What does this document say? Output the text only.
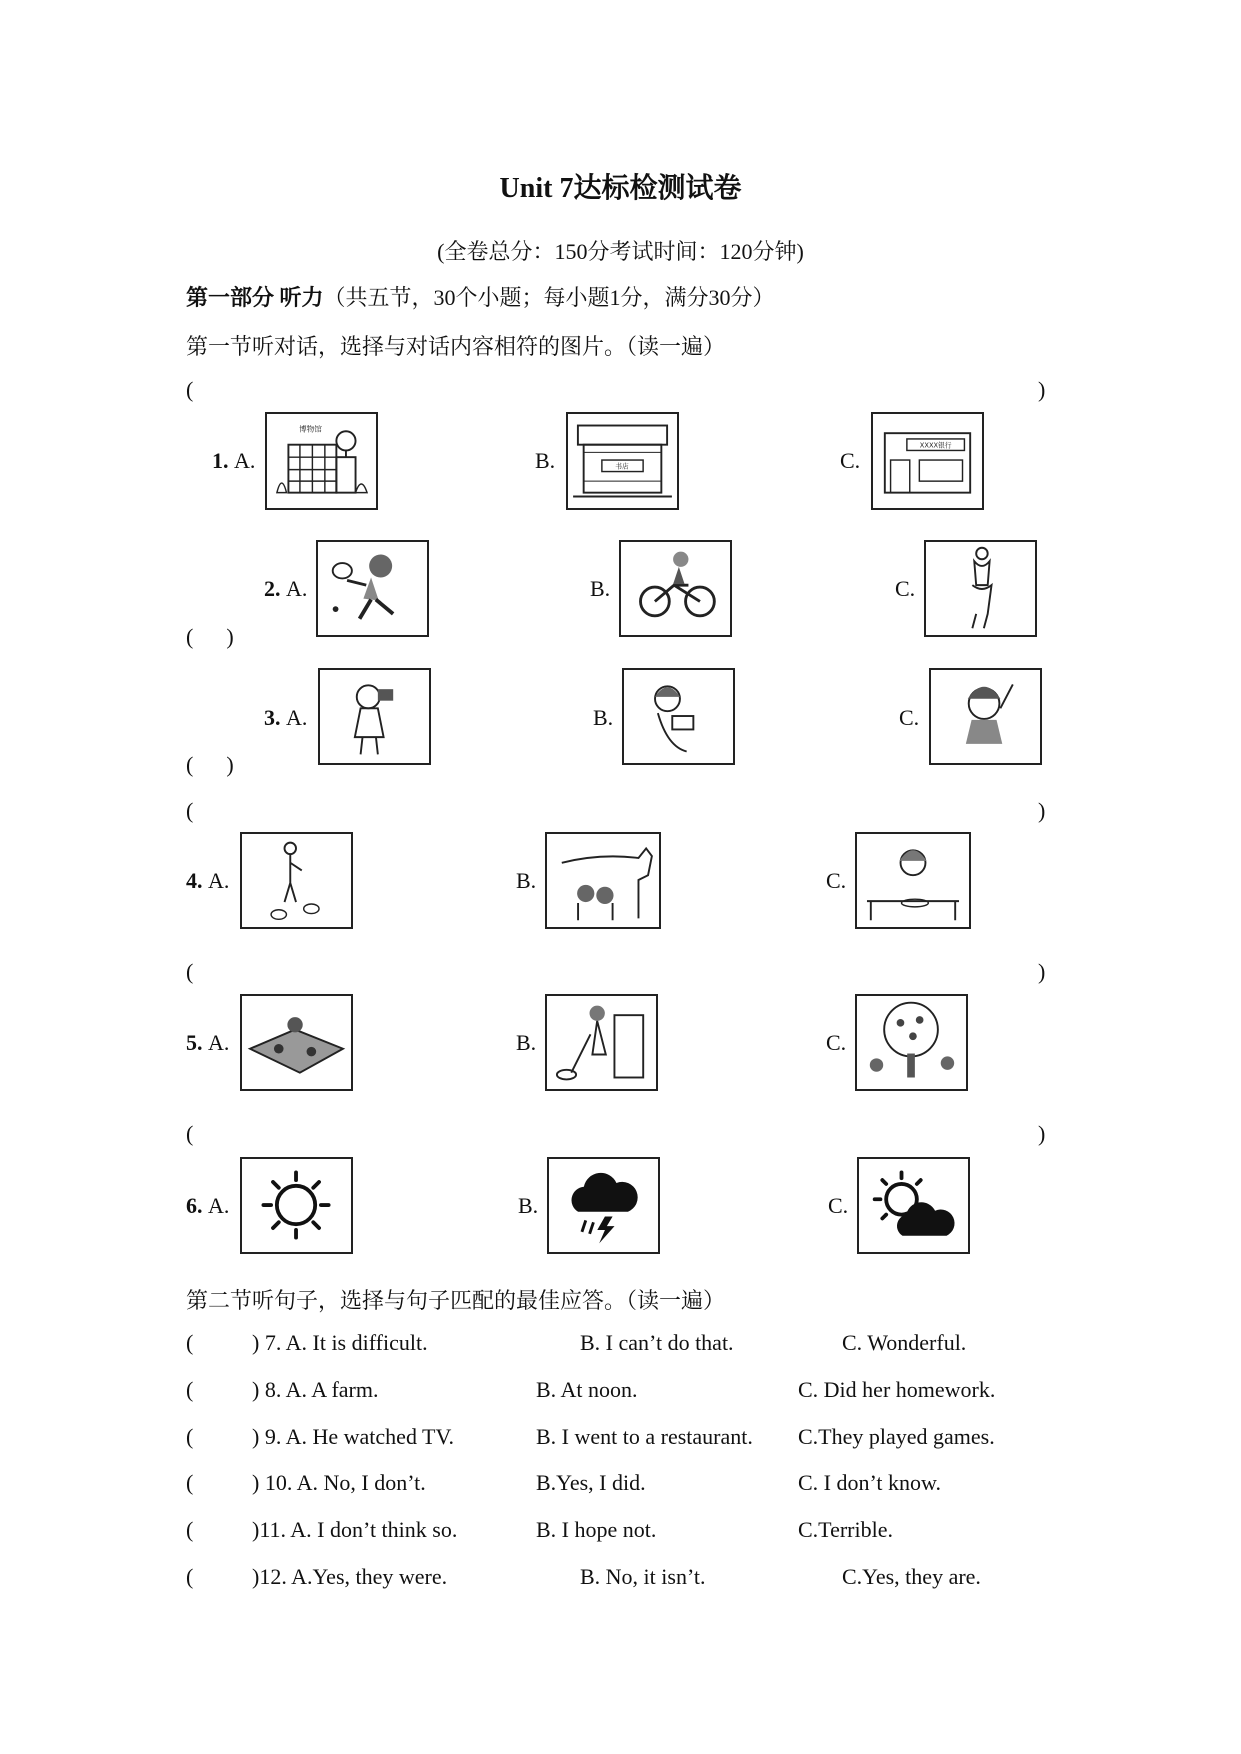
Unit 7达标检测试卷
(全卷总分：150分考试时间：120分钟)
第一部分 听力（共五节，30个小题；每小题1分，满分30分）
第一节听对话，选择与对话内容相符的图片。（读一遍）
(	)
1. A.
博物馆
B.	书店	C.
XXXX银行
2. A.	B.	C.
( )
3. A.	B.	C.
( )
(	)
4. A.	B.	C.
(	)
5. A.	B.	C.
(	)
6. A.	B.	C.
第二节听句子，选择与句子匹配的最佳应答。（读一遍）
(	) 7. A. It is difficult.	B. I can’t do that.	C. Wonderful.
(	) 8. A. A farm.	B. At noon.	C. Did her homework.
(	) 9. A. He watched TV.	B. I went to a restaurant. C.They played games.
(	) 10. A. No, I don’t.	B.Yes, I did.	C. I don’t know.
(	)11. A. I don’t think so.	B. I hope not.	C.Terrible.
(	)12. A.Yes, they were.	B. No, it isn’t.	C.Yes, they are.
